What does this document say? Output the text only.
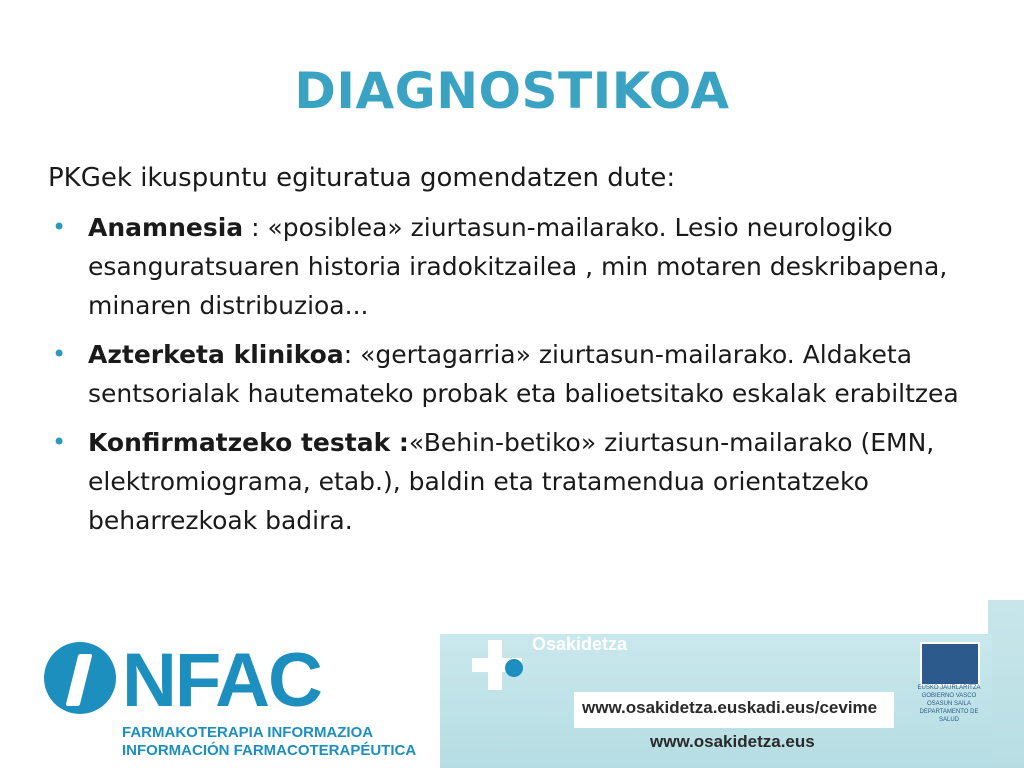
DIAGNOSTIKOA
PKGek ikuspuntu egituratua gomendatzen dute:
• Anamnesia : «posiblea» ziurtasun-mailarako. Lesio neurologiko esanguratsuaren historia iradokitzailea , min motaren deskribapena, minaren distribuzioa...
• Azterketa klinikoa: «gertagarria» ziurtasun-mailarako. Aldaketa sentsorialak hautemateko probak eta balioetsitako eskalak erabiltzea
• Konfirmatzeko testak :«Behin-betiko» ziurtasun-mailarako (EMN, elektromiograma, etab.), baldin eta tratamendua orientatzeko beharrezkoak badira.
NFAC
FARMAKOTERAPIA INFORMAZIOA
INFORMACIÓN FARMACOTERAPÉUTICA
Osakidetza
EUSKO JAURLARITZA GOBIERNO VASCO OSASUN SAILA DEPARTAMENTO DE SALUD
www.osakidetza.euskadi.eus/cevime
www.osakidetza.eus
